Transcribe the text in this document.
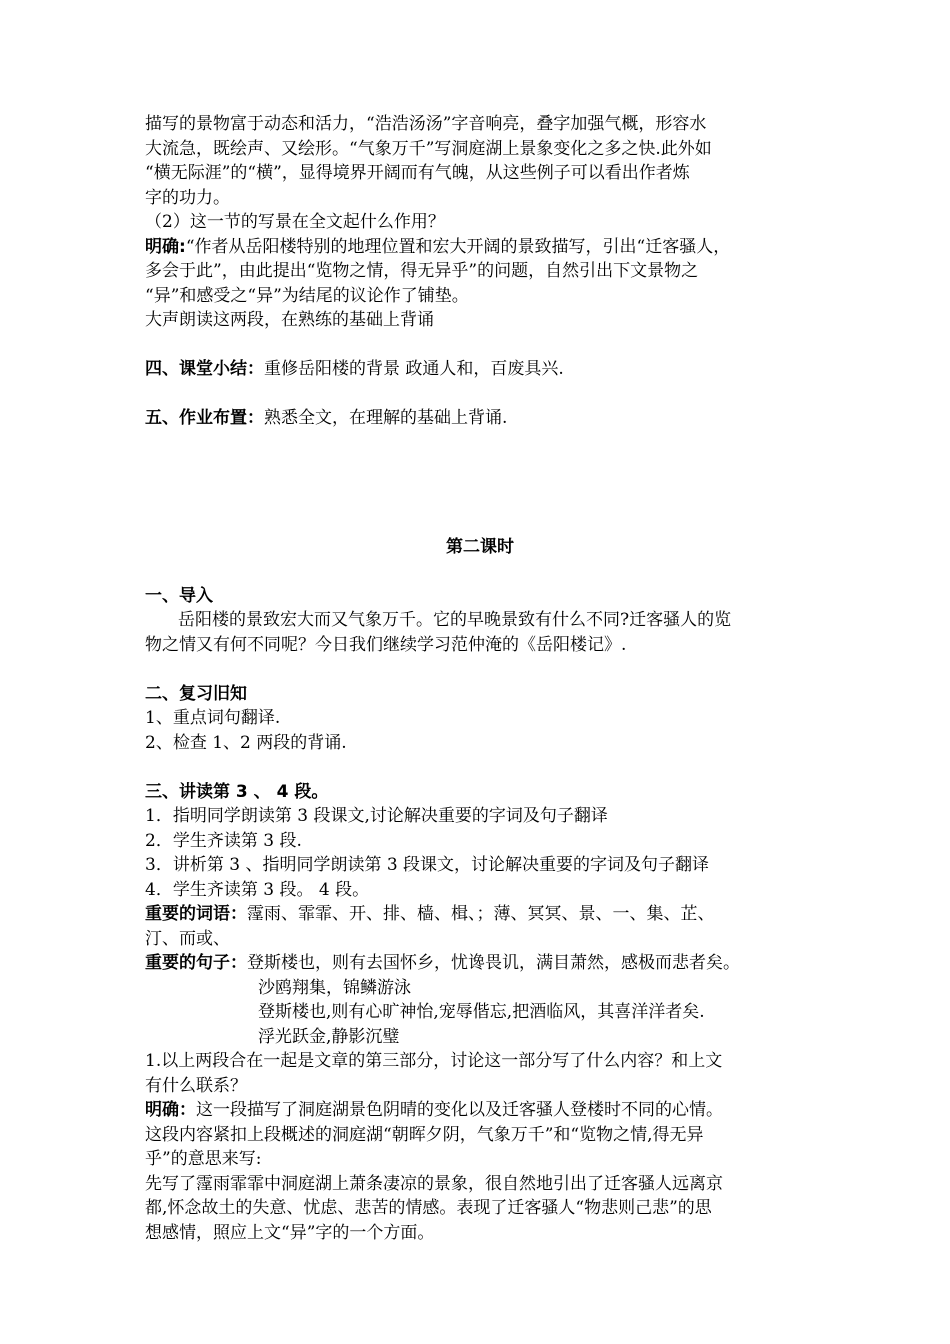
描写的景物富于动态和活力，“浩浩汤汤”字音响亮，叠字加强气概，形容水
大流急，既绘声、又绘形。“气象万千”写洞庭湖上景象变化之多之快.此外如
“横无际涯”的“横”，显得境界开阔而有气魄，从这些例子可以看出作者炼
字的功力。
（2）这一节的写景在全文起什么作用？
明确:“作者从岳阳楼特别的地理位置和宏大开阔的景致描写，引出“迁客骚人，
多会于此”，由此提出“览物之情，得无异乎”的问题，自然引出下文景物之
“异”和感受之“异”为结尾的议论作了铺垫。
大声朗读这两段，在熟练的基础上背诵
四、课堂小结：重修岳阳楼的背景 政通人和，百废具兴.
五、作业布置：熟悉全文，在理解的基础上背诵.
第二课时
一、导入
岳阳楼的景致宏大而又气象万千。它的早晚景致有什么不同?迁客骚人的览
物之情又有何不同呢？今日我们继续学习范仲淹的《岳阳楼记》.
二、复习旧知
1、重点词句翻译.
2、检查 1、2 两段的背诵.
三、讲读第 3 、 4 段。
1．指明同学朗读第 3 段课文,讨论解决重要的字词及句子翻译
2．学生齐读第 3 段.
3．讲析第 3 、指明同学朗读第 3 段课文，讨论解决重要的字词及句子翻译
4．学生齐读第 3 段。 4 段。
重要的词语：霪雨、霏霏、开、排、樯、楫、；薄、冥冥、景、一、集、芷、
汀、而或、
重要的句子：登斯楼也，则有去国怀乡，忧谗畏讥，满目萧然，感极而悲者矣。
沙鸥翔集，锦鳞游泳
登斯楼也,则有心旷神怡,宠辱偕忘,把酒临风，其喜洋洋者矣.
浮光跃金,静影沉璧
1.以上两段合在一起是文章的第三部分，讨论这一部分写了什么内容？和上文
有什么联系？
明确：这一段描写了洞庭湖景色阴晴的变化以及迁客骚人登楼时不同的心情。
这段内容紧扣上段概述的洞庭湖“朝晖夕阴，气象万千”和“览物之情,得无异
乎”的意思来写:
先写了霪雨霏霏中洞庭湖上萧条凄凉的景象，很自然地引出了迁客骚人远离京
都,怀念故土的失意、忧虑、悲苦的情感。表现了迁客骚人“物悲则己悲”的思
想感情，照应上文“异”字的一个方面。
